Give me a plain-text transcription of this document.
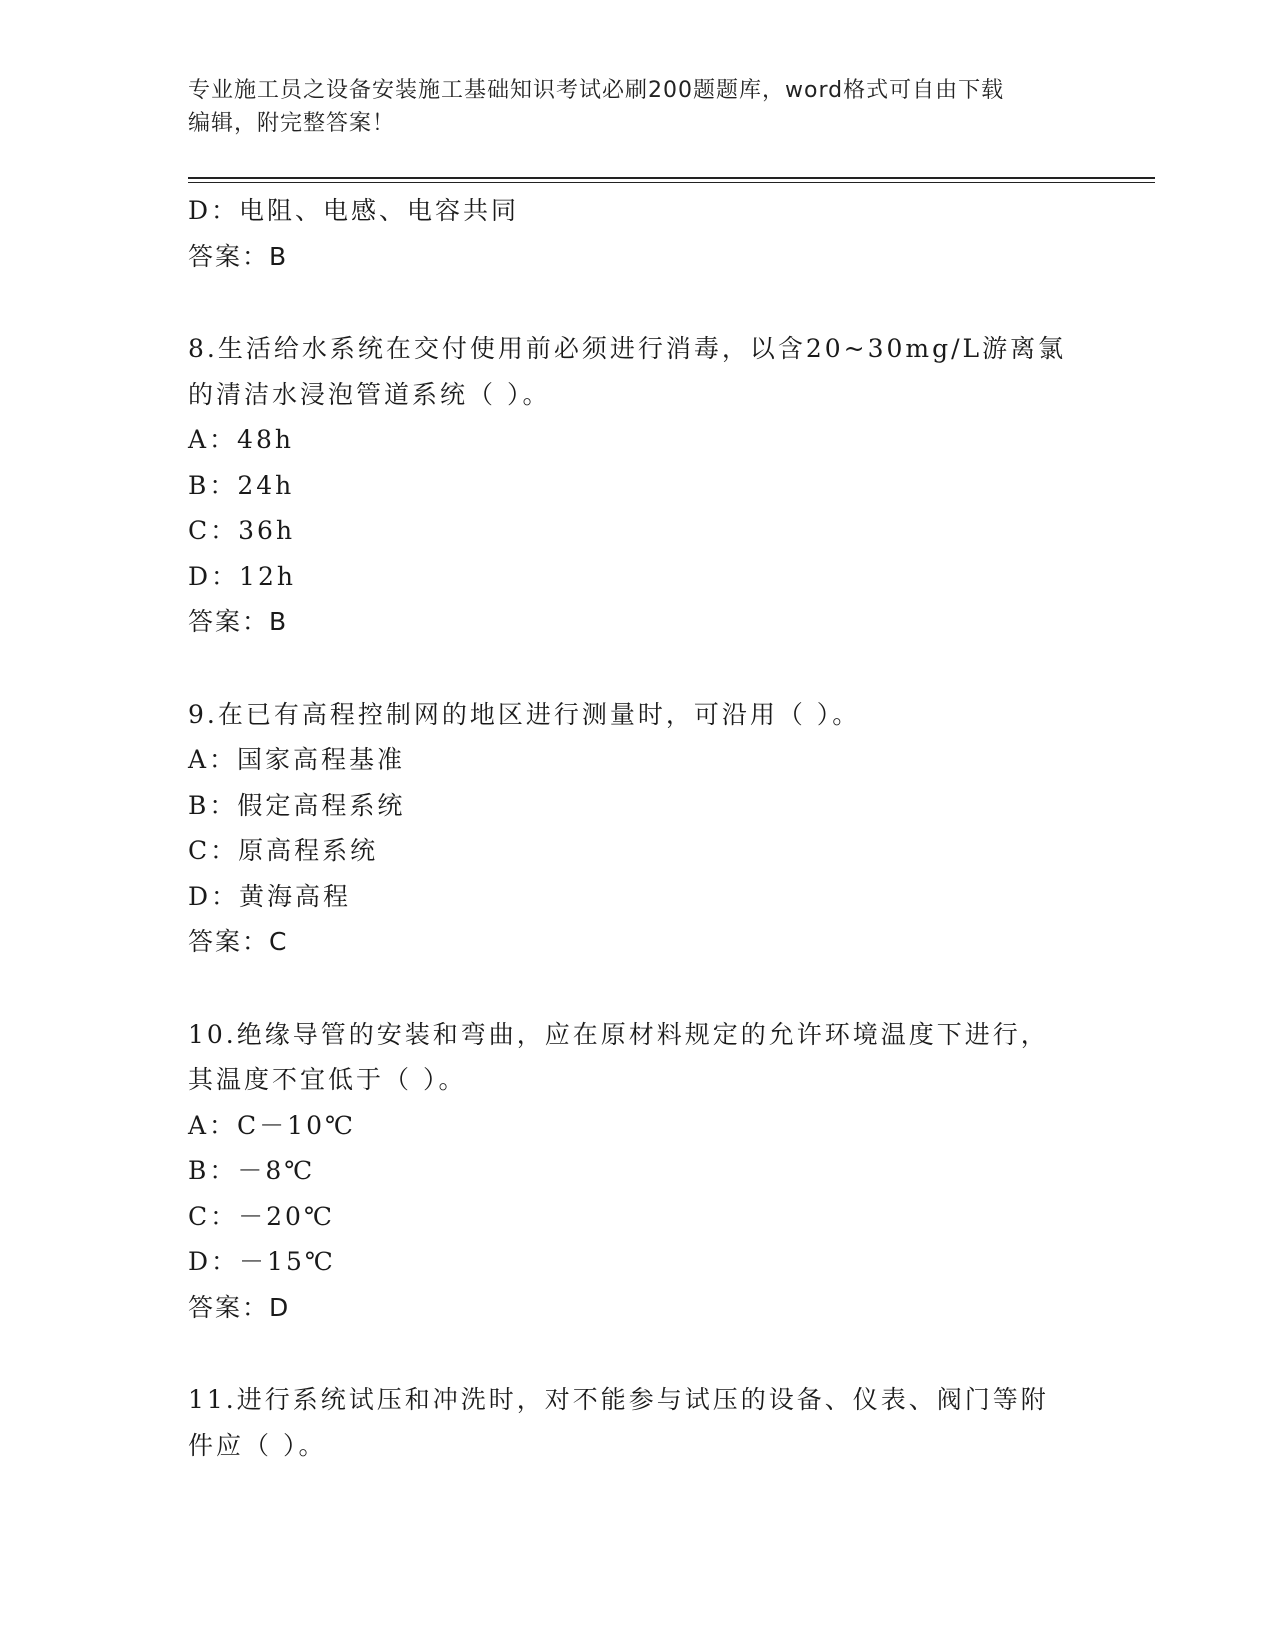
专业施工员之设备安装施工基础知识考试必刷200题题库，word格式可自由下载
编辑，附完整答案！
D：电阻、电感、电容共同
答案：B
8.生活给水系统在交付使用前必须进行消毒，以含20~30mg/L游离氯
的清洁水浸泡管道系统（ ）。
A：48h
B：24h
C：36h
D：12h
答案：B
9.在已有高程控制网的地区进行测量时，可沿用（ ）。
A：国家高程基准
B：假定高程系统
C：原高程系统
D：黄海高程
答案：C
10.绝缘导管的安装和弯曲，应在原材料规定的允许环境温度下进行，
其温度不宜低于（ ）。
A：C－10℃
B：－8℃
C：－20℃
D：－15℃
答案：D
11.进行系统试压和冲洗时，对不能参与试压的设备、仪表、阀门等附
件应（ ）。
